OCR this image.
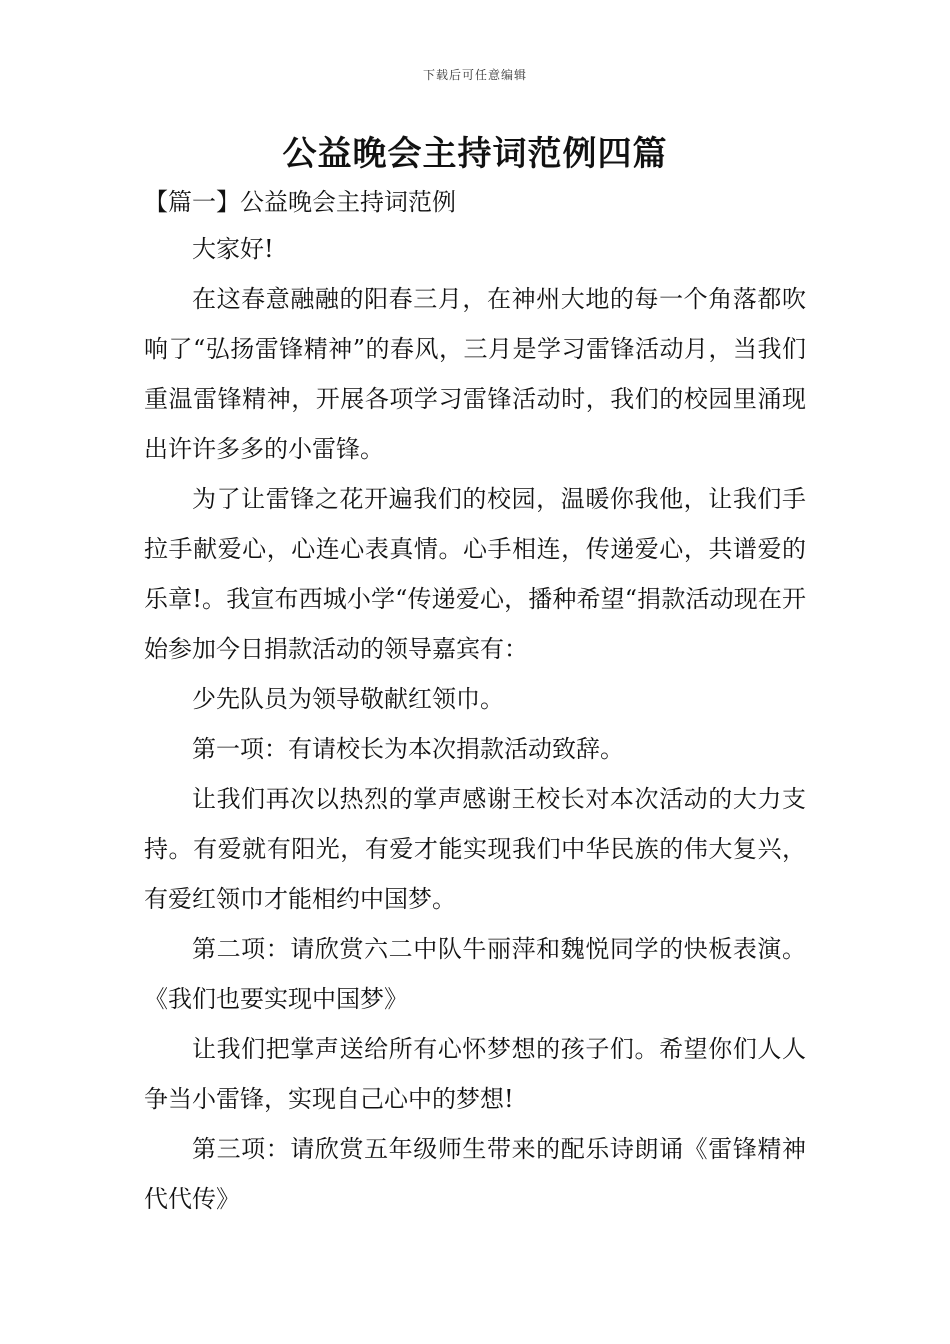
下载后可任意编辑
公益晚会主持词范例四篇
【篇一】公益晚会主持词范例

大家好!

在这春意融融的阳春三月，在神州大地的每一个角落都吹响了“弘扬雷锋精神”的春风，三月是学习雷锋活动月，当我们重温雷锋精神，开展各项学习雷锋活动时，我们的校园里涌现出许许多多的小雷锋。

为了让雷锋之花开遍我们的校园，温暖你我他，让我们手拉手献爱心，心连心表真情。心手相连，传递爱心，共谱爱的乐章!。我宣布西城小学“传递爱心，播种希望“捐款活动现在开始参加今日捐款活动的领导嘉宾有：

少先队员为领导敬献红领巾。

第一项：有请校长为本次捐款活动致辞。

让我们再次以热烈的掌声感谢王校长对本次活动的大力支持。有爱就有阳光，有爱才能实现我们中华民族的伟大复兴，有爱红领巾才能相约中国梦。

第二项：请欣赏六二中队牛丽萍和魏悦同学的快板表演。《我们也要实现中国梦》

让我们把掌声送给所有心怀梦想的孩子们。希望你们人人争当小雷锋，实现自己心中的梦想!

第三项：请欣赏五年级师生带来的配乐诗朗诵《雷锋精神代代传》
